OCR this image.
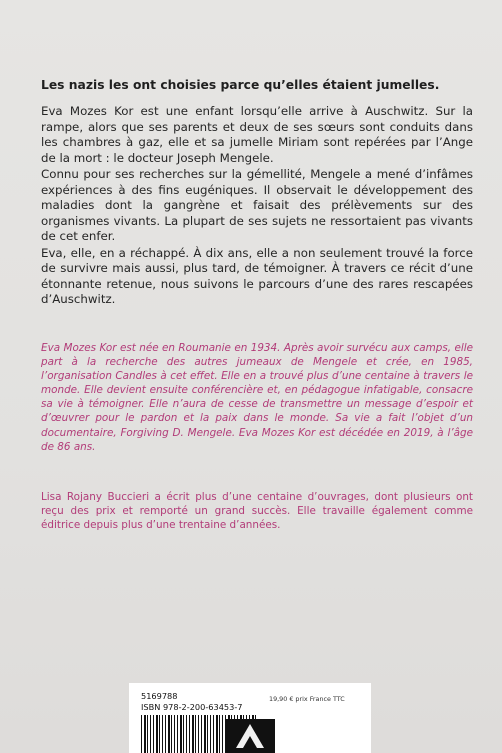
Les nazis les ont choisies parce qu’elles étaient jumelles.

Eva Mozes Kor est une enfant lorsqu’elle arrive à Auschwitz. Sur la rampe, alors que ses parents et deux de ses sœurs sont conduits dans les chambres à gaz, elle et sa jumelle Miriam sont repérées par l’Ange de la mort : le docteur Joseph Mengele.

Connu pour ses recherches sur la gémellité, Mengele a mené d’infâmes expériences à des fins eugéniques. Il observait le développement des maladies dont la gangrène et faisait des prélèvements sur des organismes vivants. La plupart de ses sujets ne ressortaient pas vivants de cet enfer.

Eva, elle, en a réchappé. À dix ans, elle a non seulement trouvé la force de survivre mais aussi, plus tard, de témoigner. À travers ce récit d’une étonnante retenue, nous suivons le parcours d’une des rares rescapées d’Auschwitz.

Eva Mozes Kor est née en Roumanie en 1934. Après avoir survécu aux camps, elle part à la recherche des autres jumeaux de Mengele et crée, en 1985, l’organisation Candles à cet effet. Elle en a trouvé plus d’une centaine à travers le monde. Elle devient ensuite conférencière et, en pédagogue infatigable, consacre sa vie à témoigner. Elle n’aura de cesse de transmettre un message d’espoir et d’œuvrer pour le pardon et la paix dans le monde. Sa vie a fait l’objet d’un documentaire, Forgiving D. Mengele. Eva Mozes Kor est décédée en 2019, à l’âge de 86 ans.
Lisa Rojany Buccieri a écrit plus d’une centaine d’ouvrages, dont plusieurs ont reçu des prix et remporté un grand succès. Elle travaille également comme éditrice depuis plus d’une trentaine d’années.
5169788
ISBN 978-2-200-63453-7
19,90 € prix France TTC
